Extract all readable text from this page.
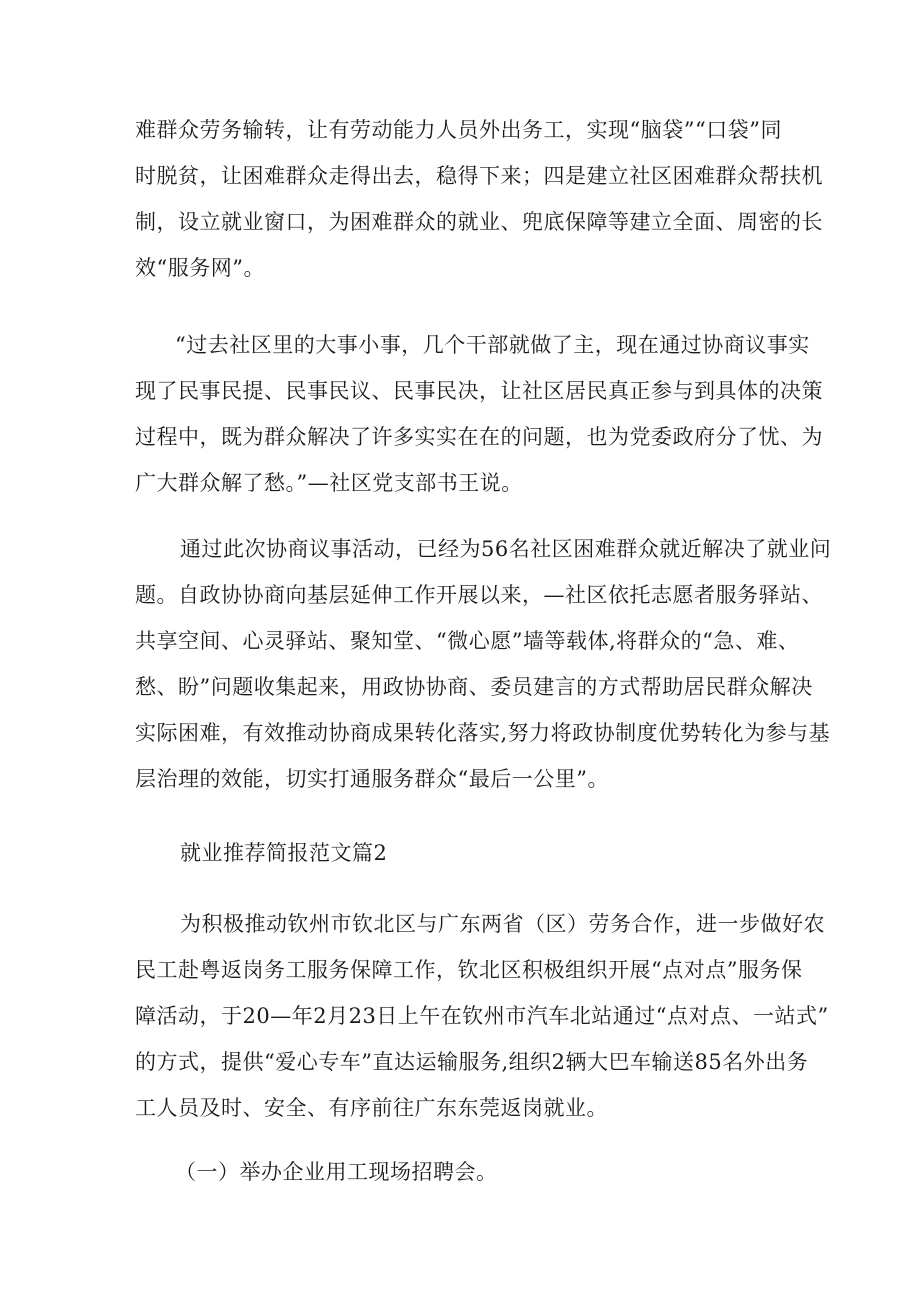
难群众劳务输转，让有劳动能力人员外出务工，实现“脑袋”“口袋”同
时脱贫，让困难群众走得出去，稳得下来；四是建立社区困难群众帮扶机
制，设立就业窗口，为困难群众的就业、兜底保障等建立全面、周密的长
效“服务网”。
“过去社区里的大事小事，几个干部就做了主，现在通过协商议事实
现了民事民提、民事民议、民事民决，让社区居民真正参与到具体的决策
过程中，既为群众解决了许多实实在在的问题，也为党委政府分了忧、为
广大群众解了愁。”—社区党支部书王说。
通过此次协商议事活动，已经为56名社区困难群众就近解决了就业问
题。自政协协商向基层延伸工作开展以来，—社区依托志愿者服务驿站、
共享空间、心灵驿站、聚知堂、“微心愿”墙等载体,将群众的“急、难、
愁、盼”问题收集起来，用政协协商、委员建言的方式帮助居民群众解决
实际困难，有效推动协商成果转化落实,努力将政协制度优势转化为参与基
层治理的效能，切实打通服务群众“最后一公里”。
就业推荐简报范文篇2
为积极推动钦州市钦北区与广东两省（区）劳务合作，进一步做好农
民工赴粤返岗务工服务保障工作，钦北区积极组织开展“点对点”服务保
障活动，于20—年2月23日上午在钦州市汽车北站通过“点对点、一站式”
的方式，提供“爱心专车”直达运输服务,组织2辆大巴车输送85名外出务
工人员及时、安全、有序前往广东东莞返岗就业。
（一）举办企业用工现场招聘会。
